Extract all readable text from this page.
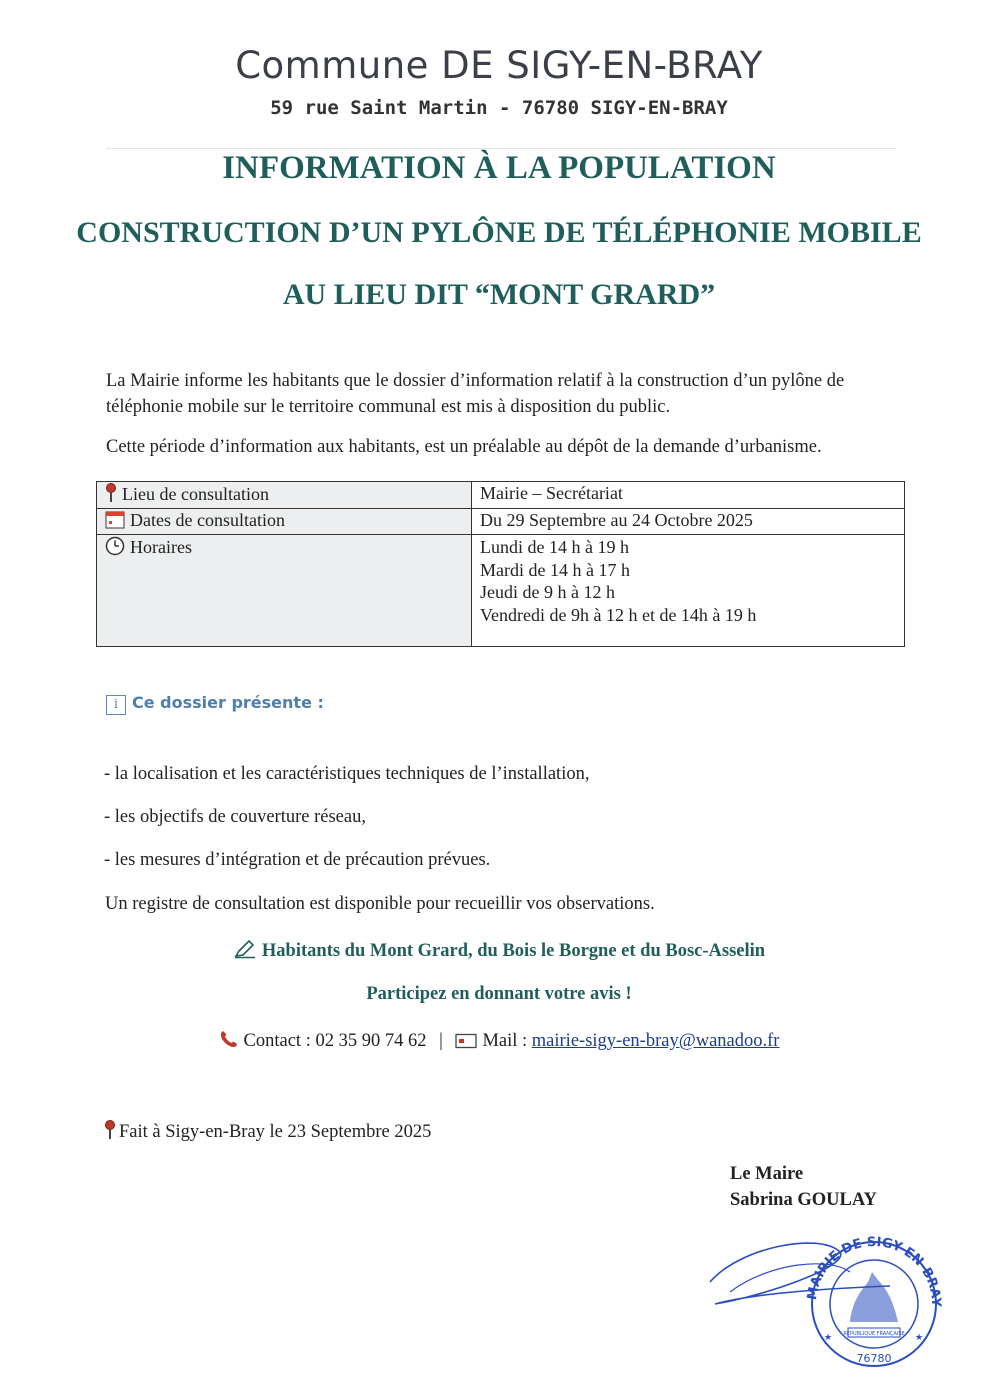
Commune DE SIGY-EN-BRAY
59 rue Saint Martin - 76780 SIGY-EN-BRAY
INFORMATION À LA POPULATION
CONSTRUCTION D’UN PYLÔNE DE TÉLÉPHONIE MOBILE
AU LIEU DIT “MONT GRARD”
La Mairie informe les habitants que le dossier d’information relatif à la construction d’un pylône de téléphonie mobile sur le territoire communal est mis à disposition du public.
Cette période d’information aux habitants, est un préalable au dépôt de la demande d’urbanisme.
Lieu de consultation	Mairie – Secrétariat
Dates de consultation	Du 29 Septembre au 24 Octobre 2025
Horaires	Lundi de 14 h à 19 h
Mardi de 14 h à 17 h
Jeudi de 9 h à 12 h
Vendredi de 9h à 12 h et de 14h à 19 h
i Ce dossier présente :
- la localisation et les caractéristiques techniques de l’installation,
- les objectifs de couverture réseau,
- les mesures d’intégration et de précaution prévues.
Un registre de consultation est disponible pour recueillir vos observations.
Habitants du Mont Grard, du Bois le Borgne et du Bosc-Asselin
Participez en donnant votre avis !
Contact : 02 35 90 74 62 | Mail : mairie-sigy-en-bray@wanadoo.fr
Fait à Sigy-en-Bray le 23 Septembre 2025
Le Maire
Sabrina GOULAY
MAIRIE DE SIGY-EN-BRAY
76780
RÉPUBLIQUE FRANÇAISE
★	★
